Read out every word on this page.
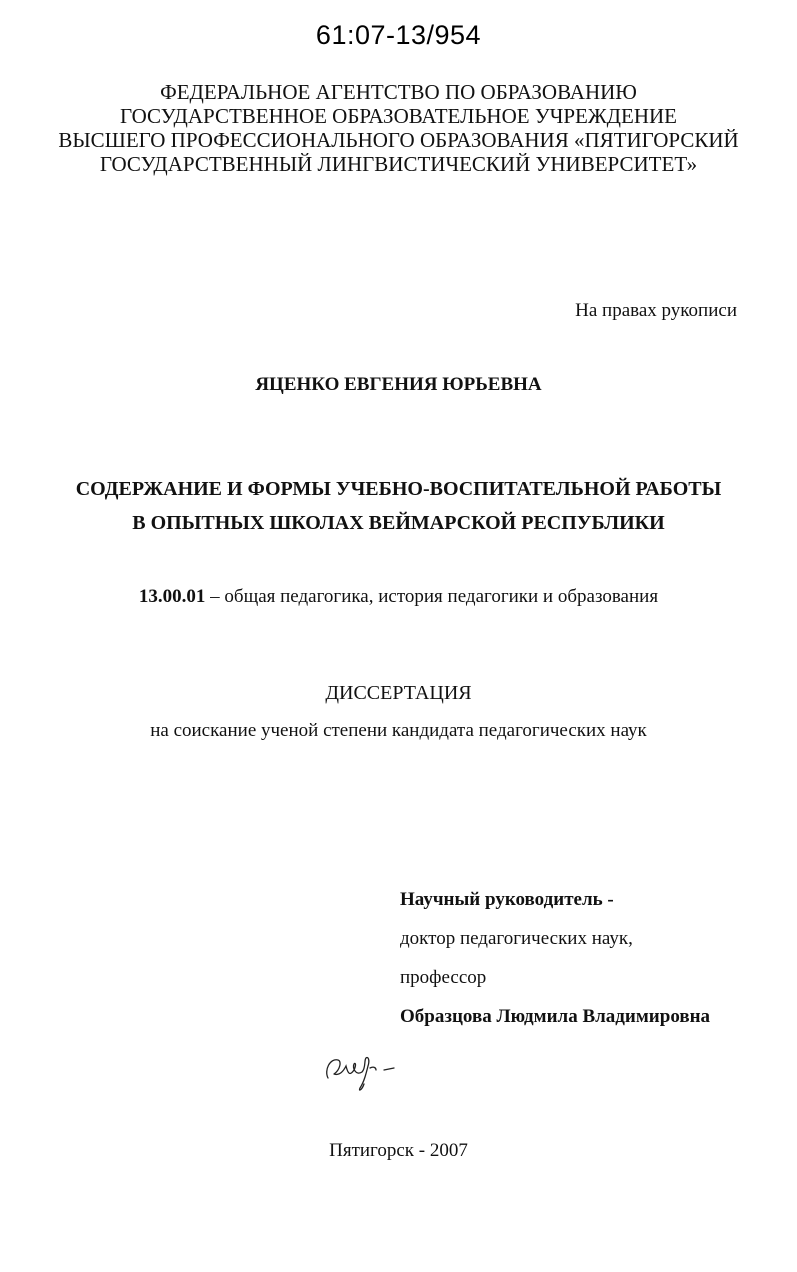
61:07-13/954
ФЕДЕРАЛЬНОЕ АГЕНТСТВО ПО ОБРАЗОВАНИЮ
ГОСУДАРСТВЕННОЕ ОБРАЗОВАТЕЛЬНОЕ УЧРЕЖДЕНИЕ
ВЫСШЕГО ПРОФЕССИОНАЛЬНОГО ОБРАЗОВАНИЯ «ПЯТИГОРСКИЙ
ГОСУДАРСТВЕННЫЙ ЛИНГВИСТИЧЕСКИЙ УНИВЕРСИТЕТ»
На правах рукописи
ЯЦЕНКО ЕВГЕНИЯ ЮРЬЕВНА
СОДЕРЖАНИЕ И ФОРМЫ УЧЕБНО-ВОСПИТАТЕЛЬНОЙ РАБОТЫ
В ОПЫТНЫХ ШКОЛАХ ВЕЙМАРСКОЙ РЕСПУБЛИКИ
13.00.01 – общая педагогика, история педагогики и образования
ДИССЕРТАЦИЯ
на соискание ученой степени кандидата педагогических наук
Научный руководитель -
доктор педагогических наук,
профессор
Образцова Людмила Владимировна
Пятигорск - 2007
